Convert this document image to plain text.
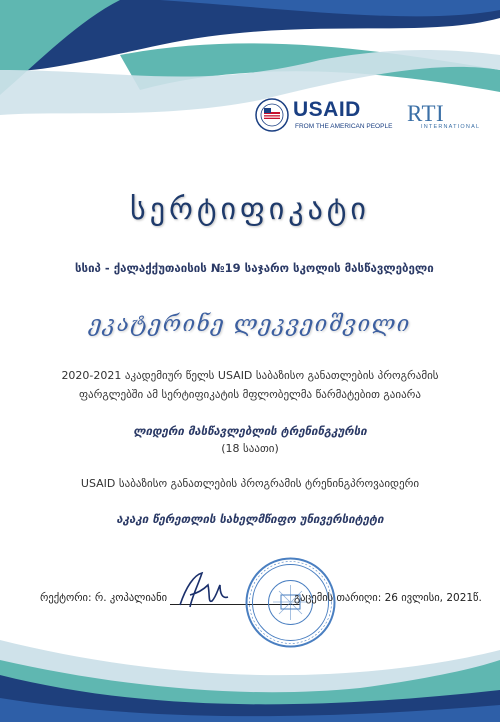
USAID
FROM THE AMERICAN PEOPLE
RTI
INTERNATIONAL
სერტიფიკატი
სსიპ - ქალაქქუთაისის №19 საჯარო სკოლის მასწავლებელი
ეკატერინე ლეკვეიშვილი
2020-2021 აკადემიურ წელს USAID საბაზისო განათლების პროგრამის
ფარგლებში ამ სერტიფიკატის მფლობელმა წარმატებით გაიარა
ლიდერი მასწავლებლის ტრენინგკურსი
(18 საათი)
USAID საბაზისო განათლების პროგრამის ტრენინგპროვაიდერი
აკაკი წერეთლის სახელმწიფო უნივერსიტეტი
რექტორი: რ. კოპალიანი	გაცემის თარიღი: 26 ივლისი, 2021წ.
